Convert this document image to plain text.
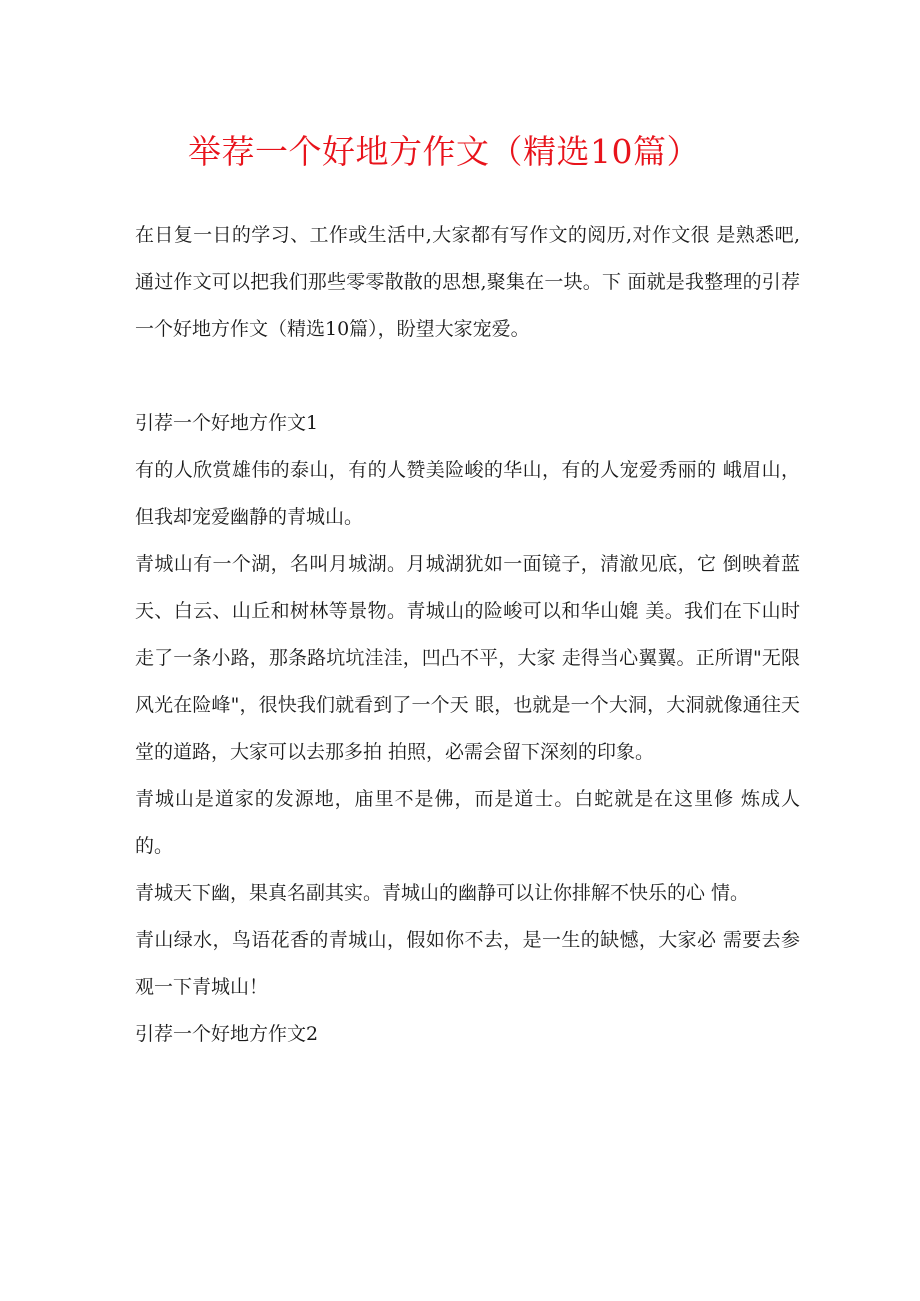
举荐一个好地方作文（精选10篇）

在日复一日的学习、工作或生活中,大家都有写作文的阅历,对作文很 是熟悉吧,通过作文可以把我们那些零零散散的思想,聚集在一块。下 面就是我整理的引荐一个好地方作文（精选10篇），盼望大家宠爱。

引荐一个好地方作文1

有的人欣赏雄伟的泰山，有的人赞美险峻的华山，有的人宠爱秀丽的 峨眉山，但我却宠爱幽静的青城山。

青城山有一个湖，名叫月城湖。月城湖犹如一面镜子，清澈见底，它 倒映着蓝天、白云、山丘和树林等景物。青城山的险峻可以和华山媲 美。我们在下山时走了一条小路，那条路坑坑洼洼，凹凸不平，大家 走得当心翼翼。正所谓"无限风光在险峰"，很快我们就看到了一个天 眼，也就是一个大洞，大洞就像通往天堂的道路，大家可以去那多拍 拍照，必需会留下深刻的印象。

青城山是道家的发源地，庙里不是佛，而是道士。白蛇就是在这里修 炼成人的。

青城天下幽，果真名副其实。青城山的幽静可以让你排解不快乐的心 情。

青山绿水，鸟语花香的青城山，假如你不去，是一生的缺憾，大家必 需要去参观一下青城山！

引荐一个好地方作文2
